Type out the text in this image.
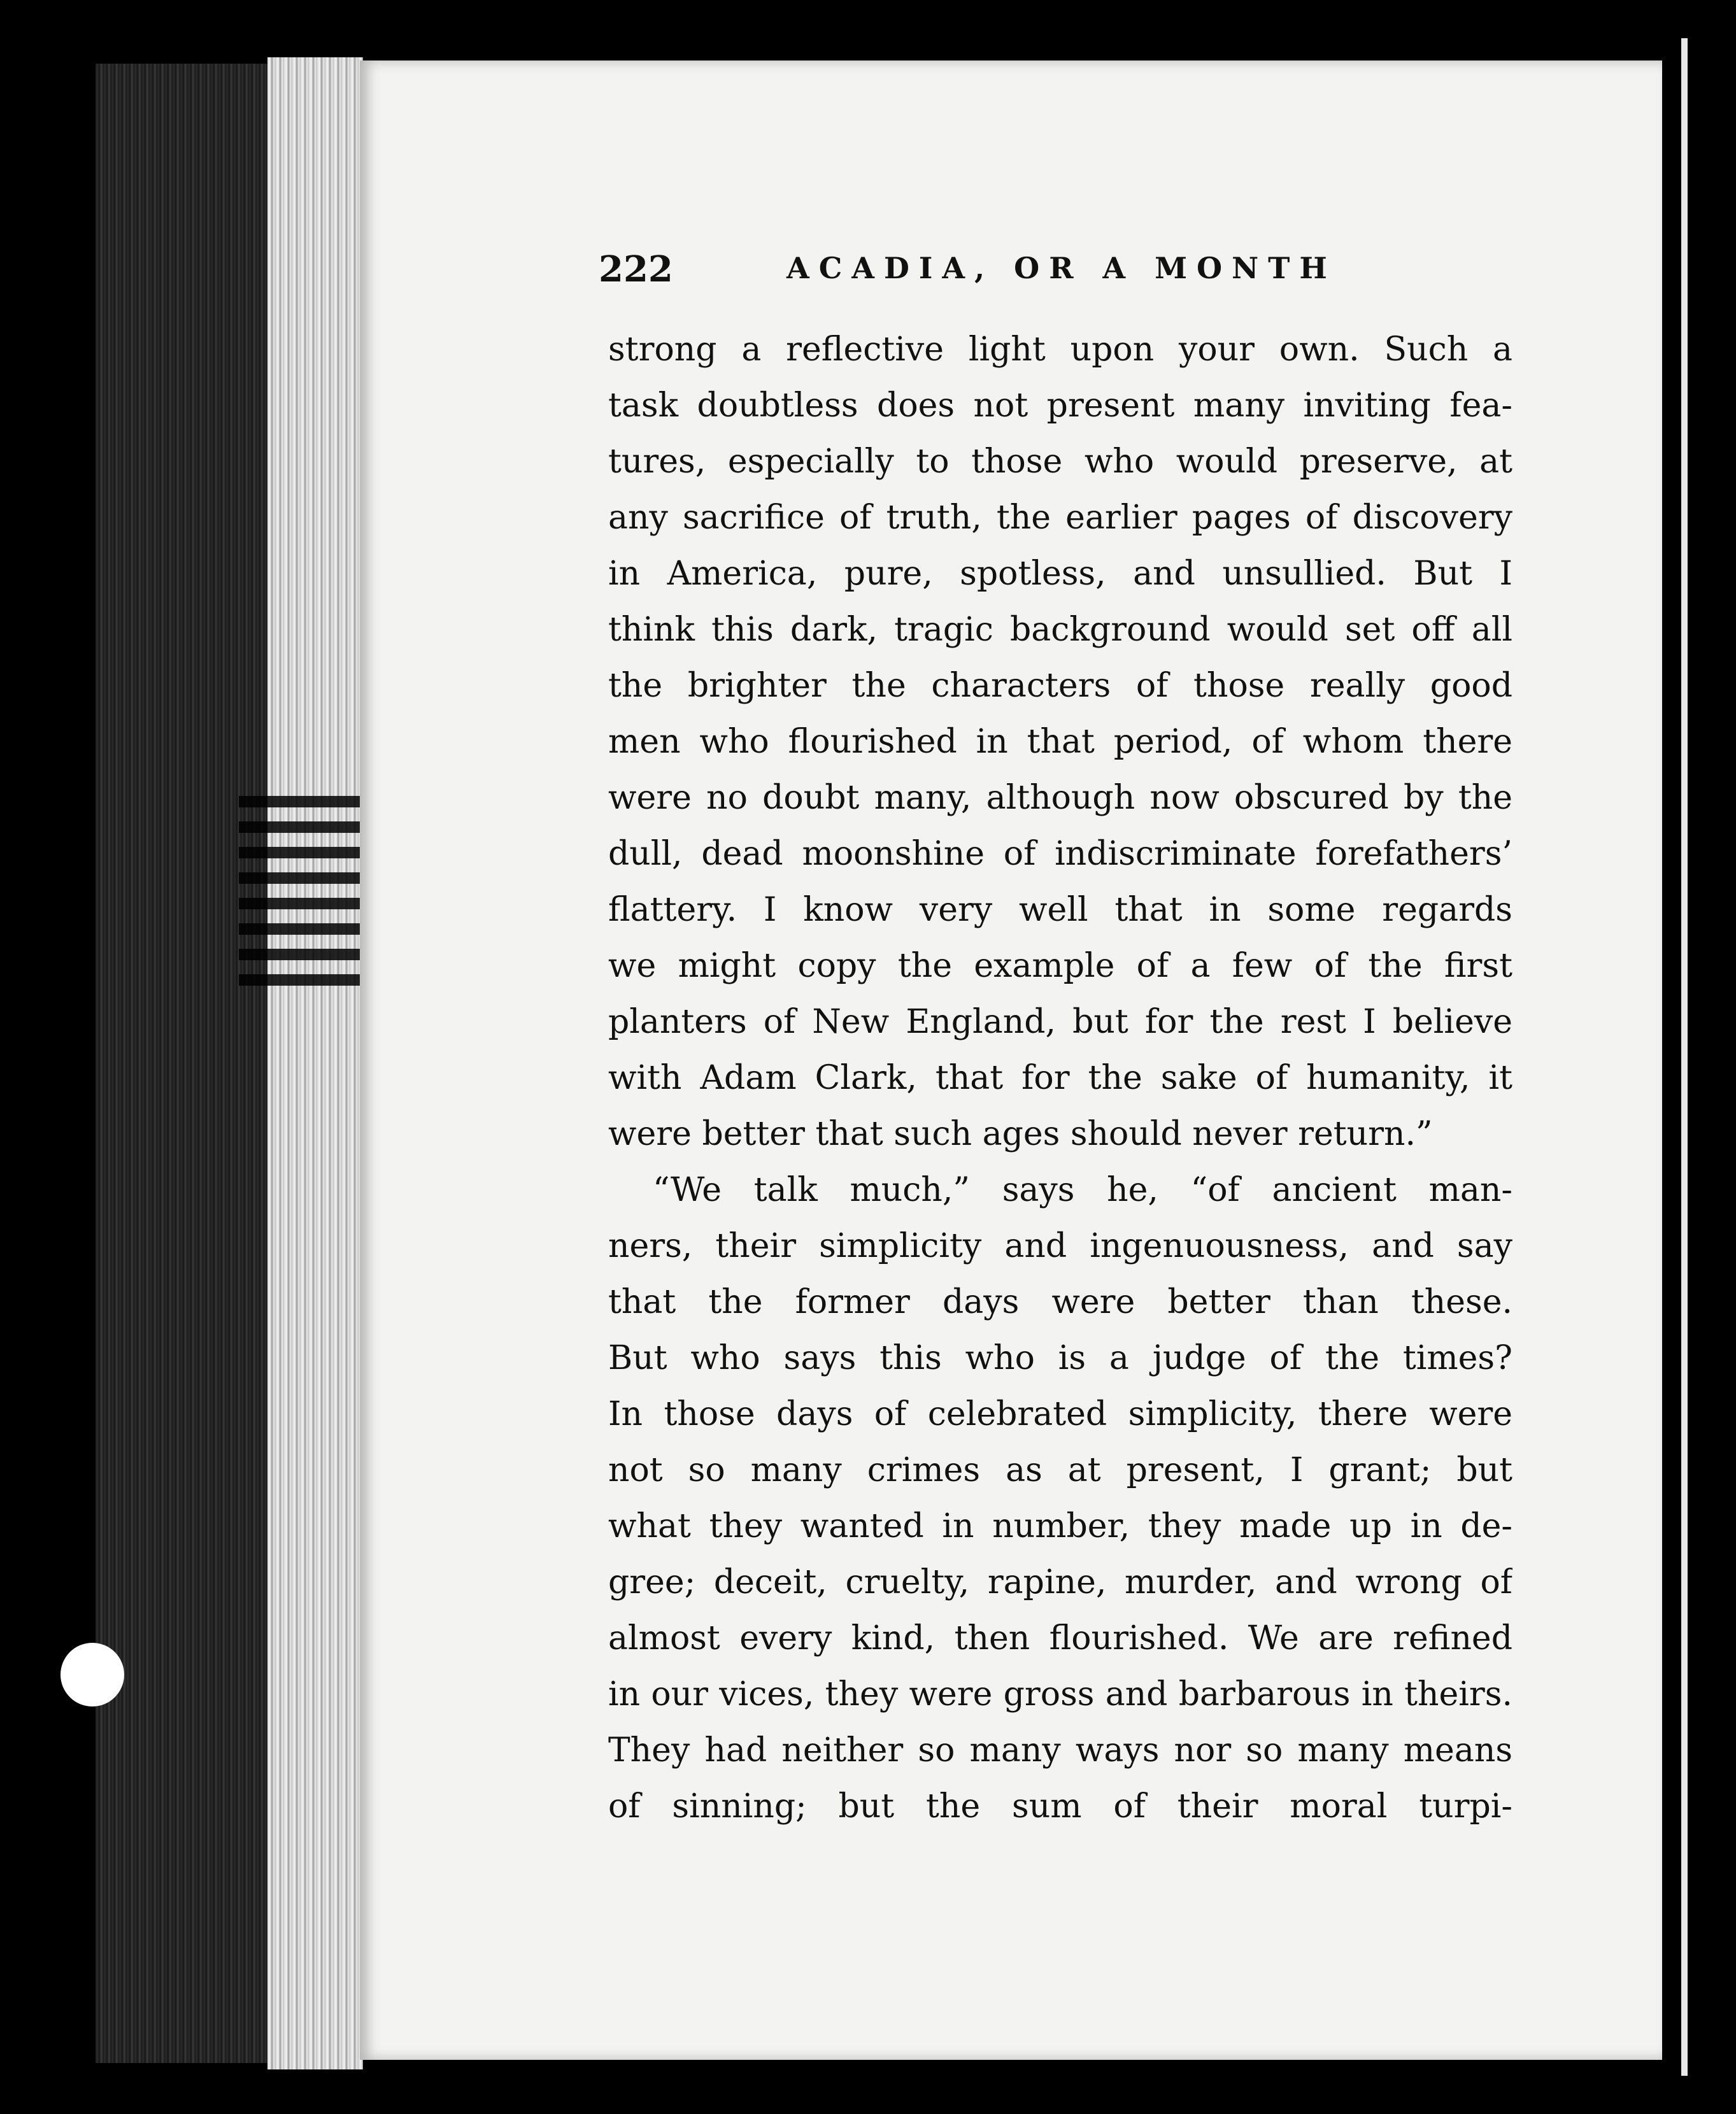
222	ACADIA, OR A MONTH
strong a reflective light upon your own. Such a
task doubtless does not present many inviting fea-
tures, especially to those who would preserve, at
any sacrifice of truth, the earlier pages of discovery
in America, pure, spotless, and unsullied. But I
think this dark, tragic background would set off all
the brighter the characters of those really good
men who flourished in that period, of whom there
were no doubt many, although now obscured by the
dull, dead moonshine of indiscriminate forefathers’
flattery. I know very well that in some regards
we might copy the example of a few of the first
planters of New England, but for the rest I believe
with Adam Clark, that for the sake of humanity, it
were better that such ages should never return.”
“We talk much,” says he, “of ancient man-
ners, their simplicity and ingenuousness, and say
that the former days were better than these.
But who says this who is a judge of the times?
In those days of celebrated simplicity, there were
not so many crimes as at present, I grant; but
what they wanted in number, they made up in de-
gree; deceit, cruelty, rapine, murder, and wrong of
almost every kind, then flourished. We are refined
in our vices, they were gross and barbarous in theirs.
They had neither so many ways nor so many means
of sinning; but the sum of their moral turpi-
